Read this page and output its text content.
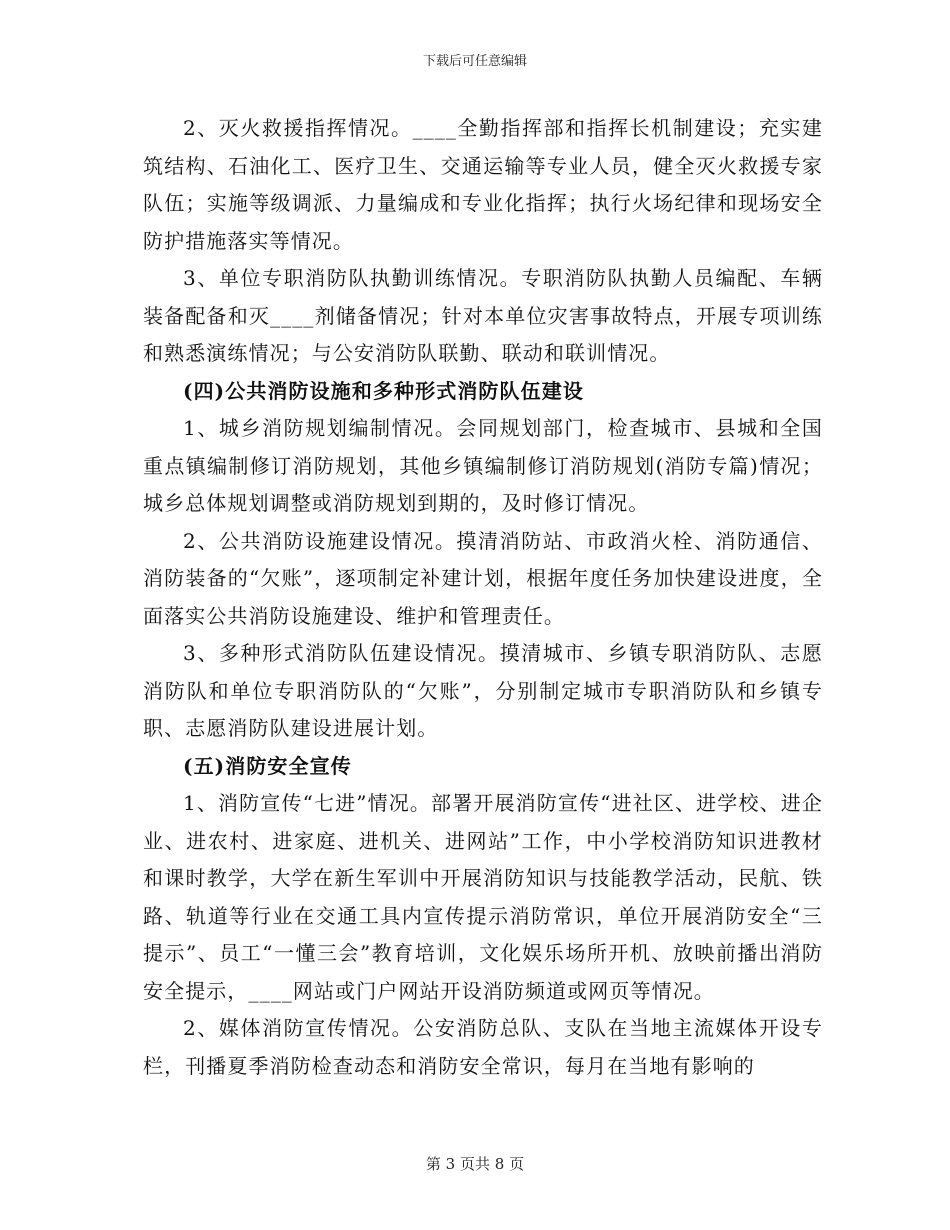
下载后可任意编辑

2、灭火救援指挥情况。____全勤指挥部和指挥长机制建设；充实建筑结构、石油化工、医疗卫生、交通运输等专业人员，健全灭火救援专家队伍；实施等级调派、力量编成和专业化指挥；执行火场纪律和现场安全防护措施落实等情况。

3、单位专职消防队执勤训练情况。专职消防队执勤人员编配、车辆装备配备和灭____剂储备情况；针对本单位灾害事故特点，开展专项训练和熟悉演练情况；与公安消防队联勤、联动和联训情况。

(四)公共消防设施和多种形式消防队伍建设

1、城乡消防规划编制情况。会同规划部门，检查城市、县城和全国重点镇编制修订消防规划，其他乡镇编制修订消防规划(消防专篇)情况；城乡总体规划调整或消防规划到期的，及时修订情况。

2、公共消防设施建设情况。摸清消防站、市政消火栓、消防通信、消防装备的“欠账”，逐项制定补建计划，根据年度任务加快建设进度，全面落实公共消防设施建设、维护和管理责任。

3、多种形式消防队伍建设情况。摸清城市、乡镇专职消防队、志愿消防队和单位专职消防队的“欠账”，分别制定城市专职消防队和乡镇专职、志愿消防队建设进展计划。

(五)消防安全宣传

1、消防宣传“七进”情况。部署开展消防宣传“进社区、进学校、进企业、进农村、进家庭、进机关、进网站”工作，中小学校消防知识进教材和课时教学，大学在新生军训中开展消防知识与技能教学活动，民航、铁路、轨道等行业在交通工具内宣传提示消防常识，单位开展消防安全“三提示”、员工“一懂三会”教育培训，文化娱乐场所开机、放映前播出消防安全提示，____网站或门户网站开设消防频道或网页等情况。

2、媒体消防宣传情况。公安消防总队、支队在当地主流媒体开设专栏，刊播夏季消防检查动态和消防安全常识，每月在当地有影响的

第 3 页共 8 页
